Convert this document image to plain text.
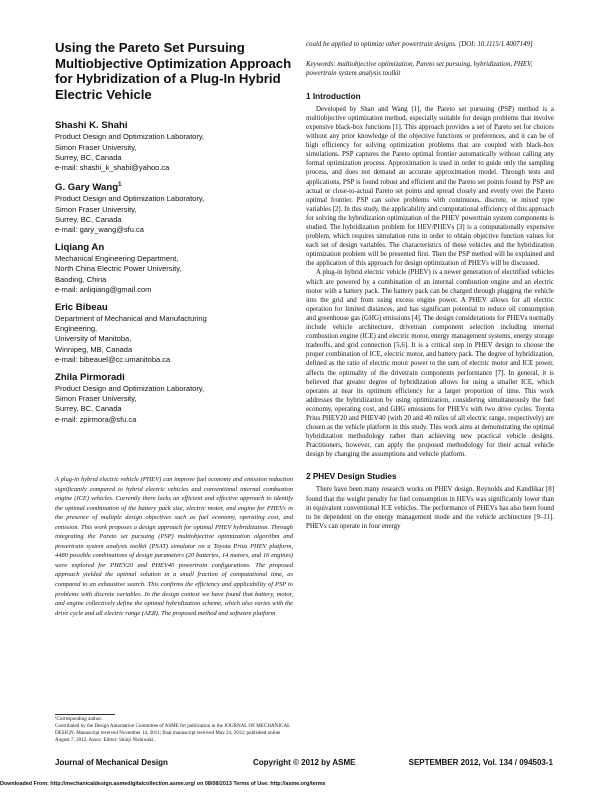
Using the Pareto Set Pursuing
Multiobjective Optimization Approach
for Hybridization of a Plug-In Hybrid
Electric Vehicle
Shashi K. Shahi
Product Design and Optimization Laboratory,
Simon Fraser University,
Surrey, BC, Canada
e-mail: shashi_k_shahi@yahoo.ca
G. Gary Wang$^1$
Product Design and Optimization Laboratory,
Simon Fraser University,
Surrey, BC, Canada
e-mail: gary_wang@sfu.ca
Liqiang An
Mechanical Engineering Department,
North China Electric Power University,
Baoding, China
e-mail: anliqiang@gmail.com
Eric Bibeau
Department of Mechanical and Manufacturing
Engineering,
University of Manitoba,
Winnipeg, MB, Canada
e-mail: bibeauel@cc.umanitoba.ca
Zhila Pirmoradi
Product Design and Optimization Laboratory,
Simon Fraser University,
Surrey, BC, Canada
e-mail: zpirmora@sfu.ca
A plug-in hybrid electric vehicle (PHEV) can improve fuel economy and emission reduction significantly compared to hybrid electric vehicles and conventional internal combustion engine (ICE) vehicles. Currently there lacks an efficient and effective approach to identify the optimal combination of the battery pack size, electric motor, and engine for PHEVs in the presence of multiple design objectives such as fuel economy, operating cost, and emission. This work proposes a design approach for optimal PHEV hybridization. Through integrating the Pareto set pursuing (PSP) multiobjective optimization algorithm and powertrain system analysis toolkit (PSAT) simulator on a Toyota Prius PHEV platform, 4480 possible combinations of design parameters (20 batteries, 14 motors, and 16 engines) were explored for PHEV20 and PHEV40 powertrain configurations. The proposed approach yielded the optimal solution in a small fraction of computational time, as compared to an exhaustive search. This confirms the efficiency and applicability of PSP to problems with discrete variables. In the design context we have found that battery, motor, and engine collectively define the optimal hybridization scheme, which also varies with the drive cycle and all electric range (AER). The proposed method and software platform

¹Corresponding author.

Contributed by the Design Automation Committee of ASME for publication in the JOURNAL OF MECHANICAL DESIGN. Manuscript received November 14, 2011; final manuscript received May 24, 2012; published online August 7, 2012. Assoc. Editor: Shinji Nishiwaki.

could be applied to optimize other powertrain designs. [DOI: 10.1115/1.4007149]
Keywords: multiobjective optimization, Pareto set pursuing, hybridization, PHEV, powertrain system analysis toolkit
1 Introduction

Developed by Shan and Wang [1], the Pareto set pursuing (PSP) method is a multiobjective optimization method, especially suitable for design problems that involve expensive black-box functions [1]. This approach provides a set of Pareto set for choices without any prior knowledge of the objective functions or preferences, and it can be of high efficiency for solving optimization problems that are coupled with black-box simulations. PSP captures the Pareto optimal frontier automatically without calling any formal optimization process. Approximation is used in order to guide only the sampling process, and does not demand an accurate approximation model. Through tests and applications, PSP is found robust and efficient and the Pareto set points found by PSP are actual or close-to-actual Pareto set points and spread closely and evenly over the Pareto optimal frontier. PSP can solve problems with continuous, discrete, or mixed type variables [2]. In this study, the applicability and computational efficiency of this approach for solving the hybridization optimization of the PHEV powertrain system components is studied. The hybridization problem for HEV/PHEVs [3] is a computationally expensive problem, which requires simulation runs in order to obtain objective function values for each set of design variables. The characteristics of these vehicles and the hybridization optimization problem will be presented first. Then the PSP method will be explained and the application of this approach for design optimization of PHEVs will be discussed.

A plug-in hybrid electric vehicle (PHEV) is a newer generation of electrified vehicles which are powered by a combination of an internal combustion engine and an electric motor with a battery pack. The battery pack can be charged through plugging the vehicle into the grid and from using excess engine power. A PHEV allows for all electric operation for limited distances, and has significant potential to reduce oil consumption and greenhouse gas (GHG) emissions [4]. The design considerations for PHEVs normally include vehicle architecture, drivetrain component selection including internal combustion engine (ICE) and electric motor, energy management systems, energy storage tradeoffs, and grid connection [5,6]. It is a critical step in PHEV design to choose the proper combination of ICE, electric motor, and battery pack. The degree of hybridization, defined as the ratio of electric motor power to the sum of electric motor and ICE power, affects the optimality of the drivetrain components performance [7]. In general, it is believed that greater degree of hybridization allows for using a smaller ICE, which operates at near its optimum efficiency for a larger proportion of time. This work addresses the hybridization by using optimization, considering simultaneously the fuel economy, operating cost, and GHG emissions for PHEVs with two drive cycles. Toyota Prius PHEV20 and PHEV40 (with 20 and 40 miles of all electric range, respectively) are chosen as the vehicle platform in this study. This work aims at demonstrating the optimal hybridization methodology rather than achieving new practical vehicle designs. Practitioners, however, can apply the proposed methodology for their actual vehicle design by changing the assumptions and vehicle platform.

2 PHEV Design Studies

There have been many research works on PHEV design. Reynolds and Kandlikar [8] found that the weight penalty for fuel consumption in HEVs was significantly lower than in equivalent conventional ICE vehicles. The performance of PHEVs has also been found to be dependent on the energy management mode and the vehicle architecture [9–11]. PHEVs can operate in four energy

Journal of Mechanical Design	Copyright © 2012 by ASME	SEPTEMBER 2012, Vol. 134 / 094503-1
Downloaded From: http://mechanicaldesign.asmedigitalcollection.asme.org/ on 08/08/2013 Terms of Use: http://asme.org/terms
